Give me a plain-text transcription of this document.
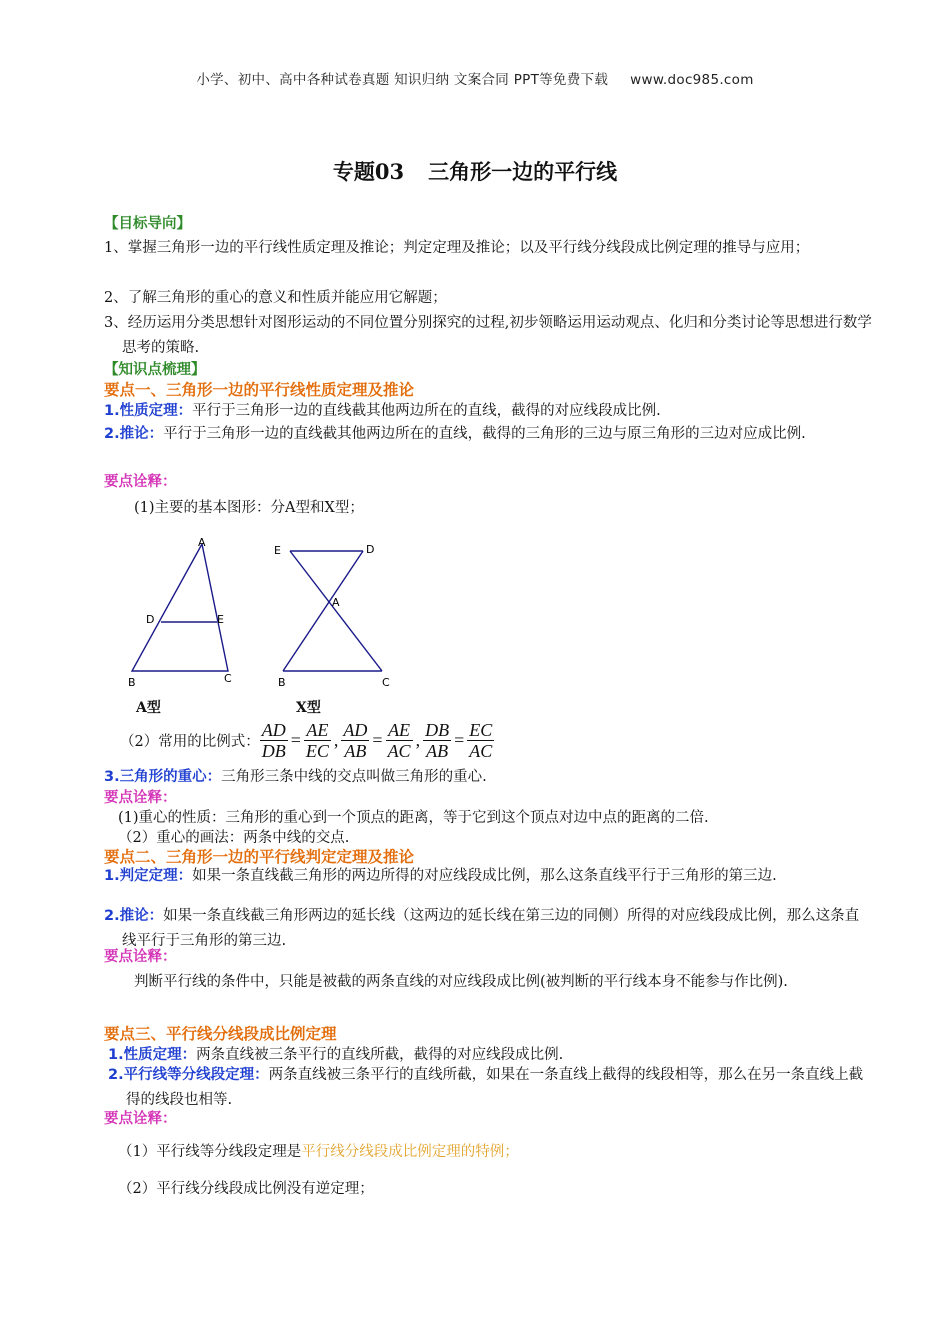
小学、初中、高中各种试卷真题 知识归纳 文案合同 PPT等免费下载 www.doc985.com
专题03 三角形一边的平行线
【目标导向】
1、掌握三角形一边的平行线性质定理及推论；判定定理及推论；以及平行线分线段成比例定理的推导与应用；
2、了解三角形的重心的意义和性质并能应用它解题；
3、经历运用分类思想针对图形运动的不同位置分别探究的过程,初步领略运用运动观点、化归和分类讨论等思想进行数学思考的策略.
【知识点梳理】
要点一、三角形一边的平行线性质定理及推论
1.性质定理：平行于三角形一边的直线截其他两边所在的直线，截得的对应线段成比例.
2.推论：平行于三角形一边的直线截其他两边所在的直线，截得的三角形的三边与原三角形的三边对应成比例.
要点诠释：
(1)主要的基本图形：分A型和X型；
A
D	E
B	C
E	D
A
B	C
A型	X型
（2）常用的比例式： $\frac{AD}{DB} = \frac{AE}{EC}$ , $\frac{AD}{AB} = \frac{AE}{AC}$ , $\frac{DB}{AB} = \frac{EC}{AC}$
3.三角形的重心：三角形三条中线的交点叫做三角形的重心.
要点诠释：
(1)重心的性质：三角形的重心到一个顶点的距离，等于它到这个顶点对边中点的距离的二倍.
（2）重心的画法：两条中线的交点.
要点二、三角形一边的平行线判定定理及推论
1.判定定理：如果一条直线截三角形的两边所得的对应线段成比例，那么这条直线平行于三角形的第三边.
2.推论：如果一条直线截三角形两边的延长线（这两边的延长线在第三边的同侧）所得的对应线段成比例，那么这条直线平行于三角形的第三边.
要点诠释：
判断平行线的条件中，只能是被截的两条直线的对应线段成比例(被判断的平行线本身不能参与作比例).
要点三、平行线分线段成比例定理
1.性质定理：两条直线被三条平行的直线所截，截得的对应线段成比例.
2.平行线等分线段定理：两条直线被三条平行的直线所截，如果在一条直线上截得的线段相等，那么在另一条直线上截得的线段也相等.
要点诠释：
（1）平行线等分线段定理是平行线分线段成比例定理的特例；
（2）平行线分线段成比例没有逆定理；
